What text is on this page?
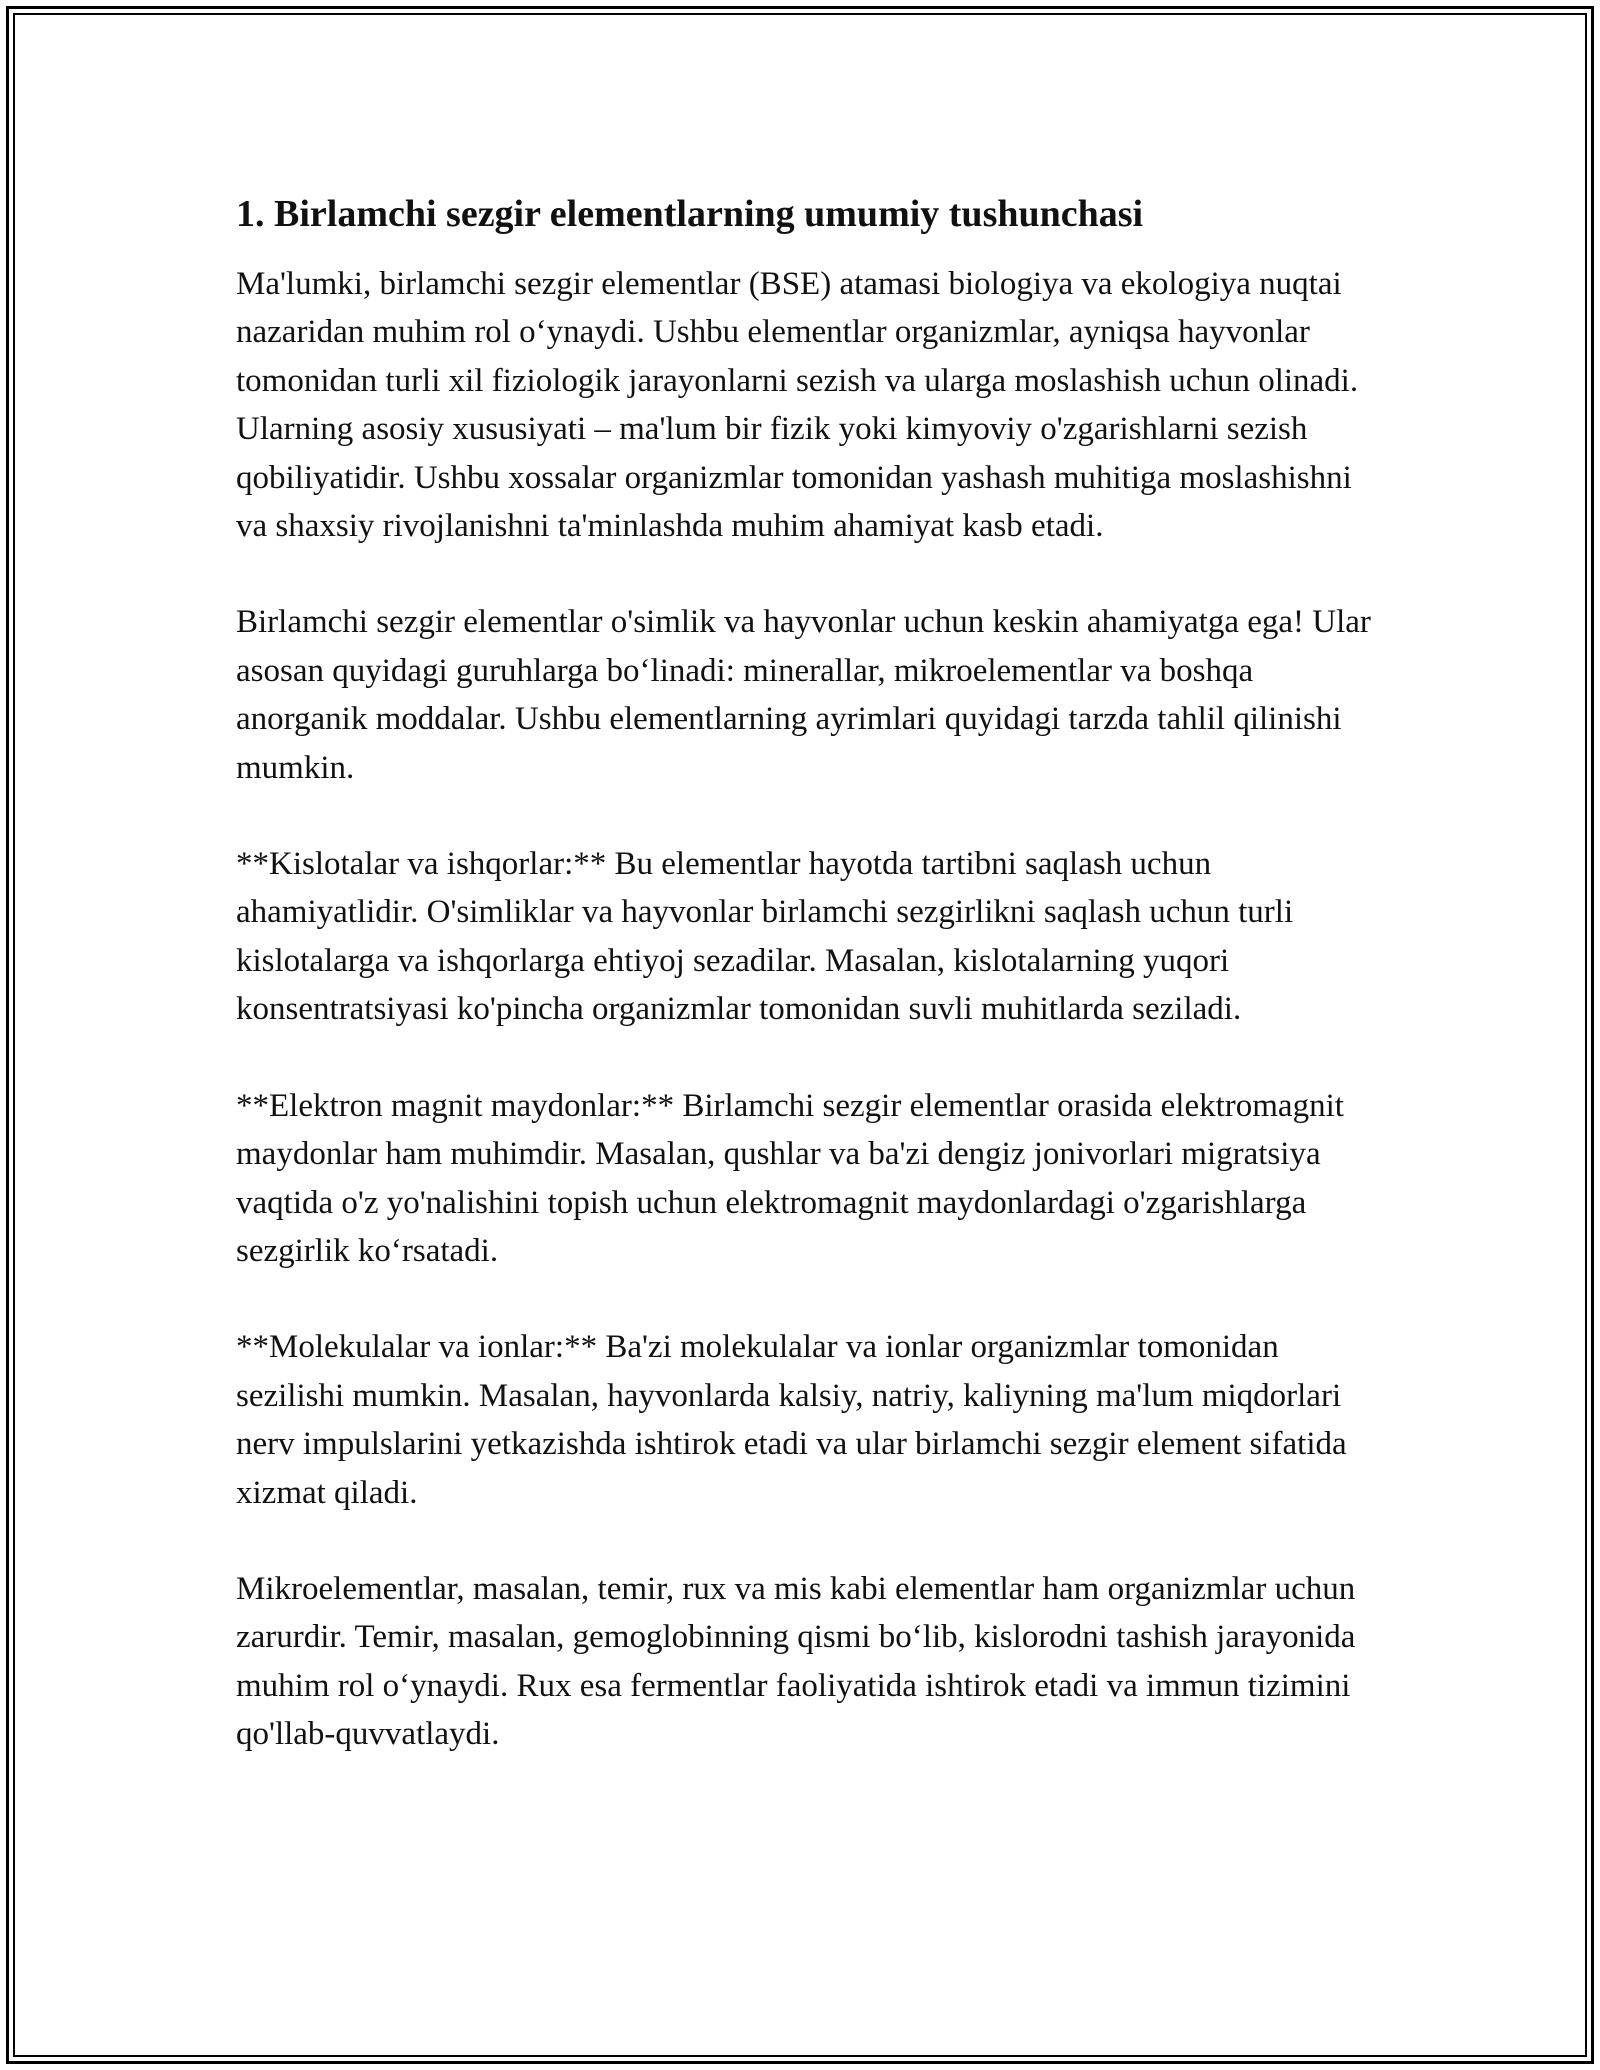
1. Birlamchi sezgir elementlarning umumiy tushunchasi

Ma'lumki, birlamchi sezgir elementlar (BSE) atamasi biologiya va ekologiya nuqtai nazaridan muhim rol o‘ynaydi. Ushbu elementlar organizmlar, ayniqsa hayvonlar tomonidan turli xil fiziologik jarayonlarni sezish va ularga moslashish uchun olinadi. Ularning asosiy xususiyati – ma'lum bir fizik yoki kimyoviy o'zgarishlarni sezish qobiliyatidir. Ushbu xossalar organizmlar tomonidan yashash muhitiga moslashishni va shaxsiy rivojlanishni ta'minlashda muhim ahamiyat kasb etadi.

Birlamchi sezgir elementlar o'simlik va hayvonlar uchun keskin ahamiyatga ega! Ular asosan quyidagi guruhlarga bo‘linadi: minerallar, mikroelementlar va boshqa anorganik moddalar. Ushbu elementlarning ayrimlari quyidagi tarzda tahlil qilinishi mumkin.

**Kislotalar va ishqorlar:** Bu elementlar hayotda tartibni saqlash uchun ahamiyatlidir. O'simliklar va hayvonlar birlamchi sezgirlikni saqlash uchun turli kislotalarga va ishqorlarga ehtiyoj sezadilar. Masalan, kislotalarning yuqori konsentratsiyasi ko'pincha organizmlar tomonidan suvli muhitlarda seziladi.

**Elektron magnit maydonlar:** Birlamchi sezgir elementlar orasida elektromagnit maydonlar ham muhimdir. Masalan, qushlar va ba'zi dengiz jonivorlari migratsiya vaqtida o'z yo'nalishini topish uchun elektromagnit maydonlardagi o'zgarishlarga sezgirlik ko‘rsatadi.

**Molekulalar va ionlar:** Ba'zi molekulalar va ionlar organizmlar tomonidan sezilishi mumkin. Masalan, hayvonlarda kalsiy, natriy, kaliyning ma'lum miqdorlari nerv impulslarini yetkazishda ishtirok etadi va ular birlamchi sezgir element sifatida xizmat qiladi.

Mikroelementlar, masalan, temir, rux va mis kabi elementlar ham organizmlar uchun zarurdir. Temir, masalan, gemoglobinning qismi bo‘lib, kislorodni tashish jarayonida muhim rol o‘ynaydi. Rux esa fermentlar faoliyatida ishtirok etadi va immun tizimini qo'llab-quvvatlaydi.
